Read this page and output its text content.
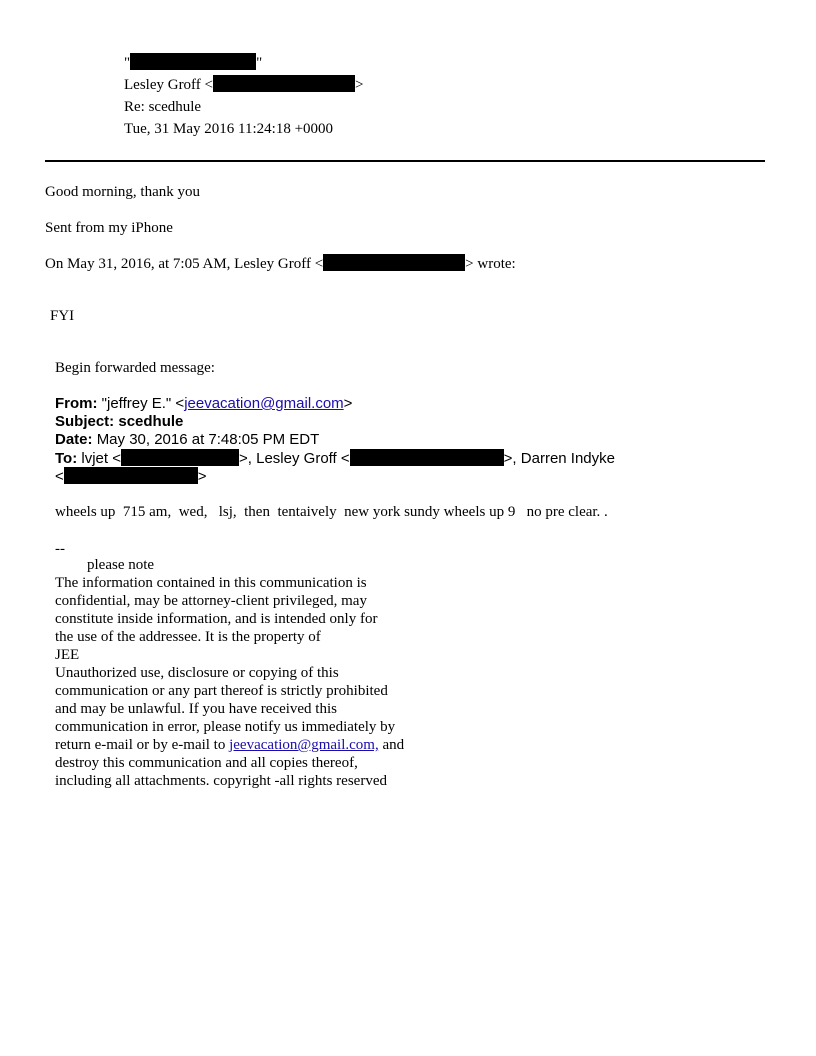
"	"
Lesley Groff <	>
Re: scedhule
Tue, 31 May 2016 11:24:18 +0000
Good morning, thank you
Sent from my iPhone
On May 31, 2016, at 7:05 AM, Lesley Groff <	> wrote:
FYI
Begin forwarded message:
From: "jeffrey E." <jeevacation@gmail.com>
Subject: scedhule
Date: May 30, 2016 at 7:48:05 PM EDT
To: lvjet <	>, Lesley Groff <	>, Darren Indyke
<	>
wheels up  715 am,  wed,   lsj,  then  tentaively  new york sundy wheels up 9   no pre clear. .
--
please note
The information contained in this communication is
confidential, may be attorney-client privileged, may
constitute inside information, and is intended only for
the use of the addressee. It is the property of
JEE
Unauthorized use, disclosure or copying of this
communication or any part thereof is strictly prohibited
and may be unlawful. If you have received this
communication in error, please notify us immediately by
return e-mail or by e-mail to jeevacation@gmail.com, and
destroy this communication and all copies thereof,
including all attachments. copyright -all rights reserved
